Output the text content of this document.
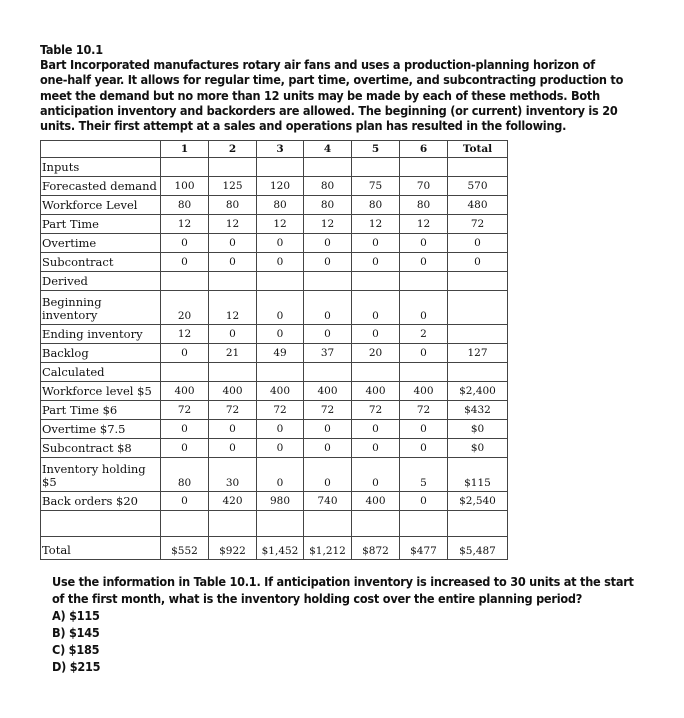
Table 10.1
Bart Incorporated manufactures rotary air fans and uses a production-planning horizon of
one-half year. It allows for regular time, part time, overtime, and subcontracting production to
meet the demand but no more than 12 units may be made by each of these methods. Both
anticipation inventory and backorders are allowed. The beginning (or current) inventory is 20
units. Their first attempt at a sales and operations plan has resulted in the following.
	1	2	3	4	5	6	Total
Inputs							
Forecasted demand	100	125	120	80	75	70	570
Workforce Level	80	80	80	80	80	80	480
Part Time	12	12	12	12	12	12	72
Overtime	0	0	0	0	0	0	0
Subcontract	0	0	0	0	0	0	0
Derived							
Beginning inventory	20	12	0	0	0	0	
Ending inventory	12	0	0	0	0	2	
Backlog	0	21	49	37	20	0	127
Calculated							
Workforce level $5	400	400	400	400	400	400	$2,400
Part Time $6	72	72	72	72	72	72	$432
Overtime $7.5	0	0	0	0	0	0	$0
Subcontract $8	0	0	0	0	0	0	$0
Inventory holding $5	80	30	0	0	0	5	$115
Back orders $20	0	420	980	740	400	0	$2,540

Total	$552	$922	$1,452	$1,212	$872	$477	$5,487
Use the information in Table 10.1. If anticipation inventory is increased to 30 units at the start
of the first month, what is the inventory holding cost over the entire planning period?
A) $115
B) $145
C) $185
D) $215
